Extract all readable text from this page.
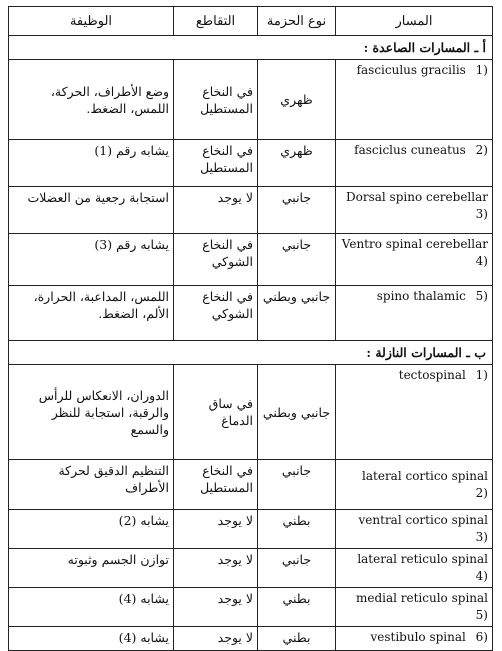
المسار	نوع الحزمة	التقاطع	الوظيفة
أ ـ المسارات الصاعدة :			
fasciculus gracilis 1)	ظهري	في النخاع المستطيل	وضع الأطراف، الحركة، اللمس، الضغط.
fasciclus cuneatus 2)	ظهري	في النخاع المستطيل	يشابه رقم (1)
Dorsal spino cerebellar 3)	جانبي	لا يوجد	استجابة رجعية من العضلات
Ventro spinal cerebellar 4)	جانبي	في النخاع الشوكي	يشابه رقم (3)
spino thalamic 5)	جانبي وبطني	في النخاع الشوكي	اللمس، المداعبة، الحرارة، الألم، الضغط.
ب ـ المسارات النازلة :			
tectospinal 1)	جانبي وبطني	في ساق الدماغ	الدوران، الانعكاس للرأس والرقبة، استجابة للنظر والسمع
lateral cortico spinal 2)	جانبي	في النخاع المستطيل	التنظيم الدقيق لحركة الأطراف
ventral cortico spinal 3)	بطني	لا يوجد	يشابه (2)
lateral reticulo spinal 4)	جانبي	لا يوجد	توازن الجسم وثبوته
medial reticulo spinal 5)	بطني	لا يوجد	يشابه (4)
vestibulo spinal 6)	بطني	لا يوجد	يشابه (4)
